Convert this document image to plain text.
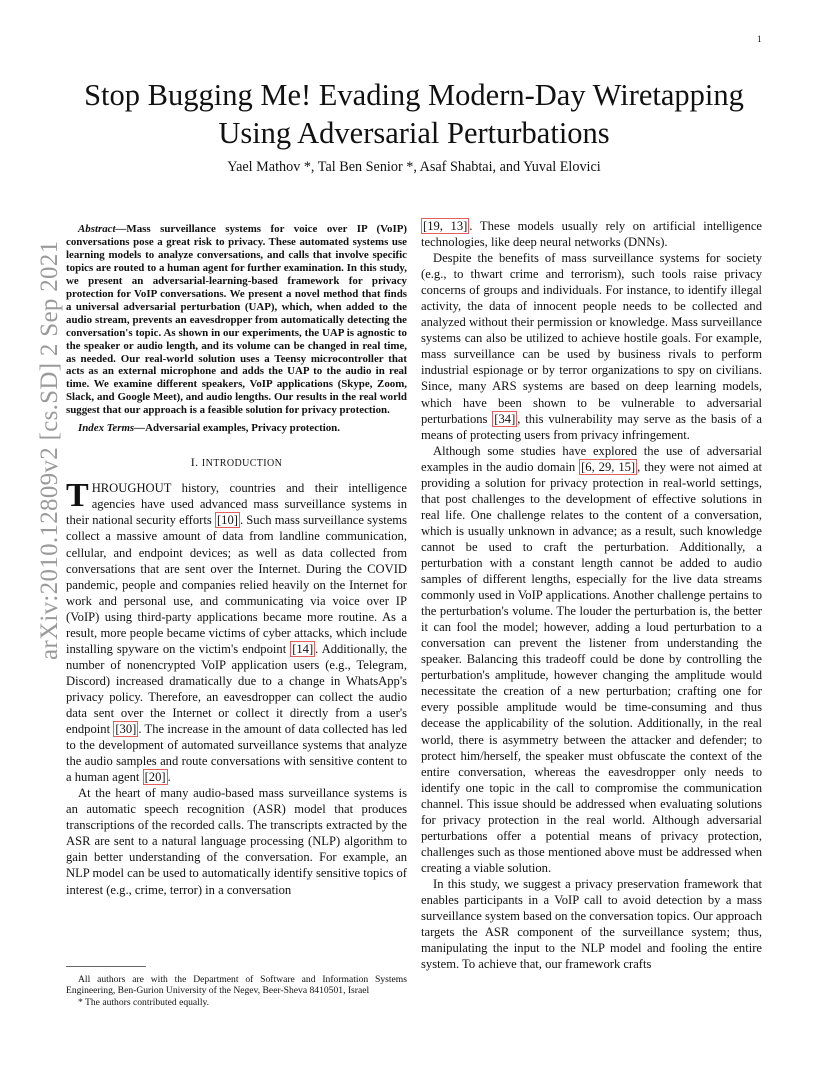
1
arXiv:2010.12809v2 [cs.SD] 2 Sep 2021
Stop Bugging Me! Evading Modern-Day Wiretapping Using Adversarial Perturbations

Yael Mathov *, Tal Ben Senior *, Asaf Shabtai, and Yuval Elovici

Abstract—Mass surveillance systems for voice over IP (VoIP) conversations pose a great risk to privacy. These automated systems use learning models to analyze conversations, and calls that involve specific topics are routed to a human agent for further examination. In this study, we present an adversarial-learning-based framework for privacy protection for VoIP conversations. We present a novel method that finds a universal adversarial perturbation (UAP), which, when added to the audio stream, prevents an eavesdropper from automatically detecting the conversation's topic. As shown in our experiments, the UAP is agnostic to the speaker or audio length, and its volume can be changed in real time, as needed. Our real-world solution uses a Teensy microcontroller that acts as an external microphone and adds the UAP to the audio in real time. We examine different speakers, VoIP applications (Skype, Zoom, Slack, and Google Meet), and audio lengths. Our results in the real world suggest that our approach is a feasible solution for privacy protection.

Index Terms—Adversarial examples, Privacy protection.

I. INTRODUCTION

THROUGHOUT history, countries and their intelligence agencies have used advanced mass surveillance systems in their national security efforts [10] . Such mass surveillance systems collect a massive amount of data from landline communication, cellular, and endpoint devices; as well as data collected from conversations that are sent over the Internet. During the COVID pandemic, people and companies relied heavily on the Internet for work and personal use, and communicating via voice over IP (VoIP) using third-party applications became more routine. As a result, more people became victims of cyber attacks, which include installing spyware on the victim's endpoint [14] . Additionally, the number of nonencrypted VoIP application users (e.g., Telegram, Discord) increased dramatically due to a change in WhatsApp's privacy policy. Therefore, an eavesdropper can collect the audio data sent over the Internet or collect it directly from a user's endpoint [30] . The increase in the amount of data collected has led to the development of automated surveillance systems that analyze the audio samples and route conversations with sensitive content to a human agent [20] .

At the heart of many audio-based mass surveillance systems is an automatic speech recognition (ASR) model that produces transcriptions of the recorded calls. The transcripts extracted by the ASR are sent to a natural language processing (NLP) algorithm to gain better understanding of the conversation. For example, an NLP model can be used to automatically identify sensitive topics of interest (e.g., crime, terror) in a conversation

[19, 13] . These models usually rely on artificial intelligence technologies, like deep neural networks (DNNs).

Despite the benefits of mass surveillance systems for society (e.g., to thwart crime and terrorism), such tools raise privacy concerns of groups and individuals. For instance, to identify illegal activity, the data of innocent people needs to be collected and analyzed without their permission or knowledge. Mass surveillance systems can also be utilized to achieve hostile goals. For example, mass surveillance can be used by business rivals to perform industrial espionage or by terror organizations to spy on civilians. Since, many ARS systems are based on deep learning models, which have been shown to be vulnerable to adversarial perturbations [34] , this vulnerability may serve as the basis of a means of protecting users from privacy infringement.

Although some studies have explored the use of adversarial examples in the audio domain [6, 29, 15] , they were not aimed at providing a solution for privacy protection in real-world settings, that post challenges to the development of effective solutions in real life. One challenge relates to the content of a conversation, which is usually unknown in advance; as a result, such knowledge cannot be used to craft the perturbation. Additionally, a perturbation with a constant length cannot be added to audio samples of different lengths, especially for the live data streams commonly used in VoIP applications. Another challenge pertains to the perturbation's volume. The louder the perturbation is, the better it can fool the model; however, adding a loud perturbation to a conversation can prevent the listener from understanding the speaker. Balancing this tradeoff could be done by controlling the perturbation's amplitude, however changing the amplitude would necessitate the creation of a new perturbation; crafting one for every possible amplitude would be time-consuming and thus decease the applicability of the solution. Additionally, in the real world, there is asymmetry between the attacker and defender; to protect him/herself, the speaker must obfuscate the context of the entire conversation, whereas the eavesdropper only needs to identify one topic in the call to compromise the communication channel. This issue should be addressed when evaluating solutions for privacy protection in the real world. Although adversarial perturbations offer a potential means of privacy protection, challenges such as those mentioned above must be addressed when creating a viable solution.

In this study, we suggest a privacy preservation framework that enables participants in a VoIP call to avoid detection by a mass surveillance system based on the conversation topics. Our approach targets the ASR component of the surveillance system; thus, manipulating the input to the NLP model and fooling the entire system. To achieve that, our framework crafts

All authors are with the Department of Software and Information Systems Engineering, Ben-Gurion University of the Negev, Beer-Sheva 8410501, Israel

* The authors contributed equally.
